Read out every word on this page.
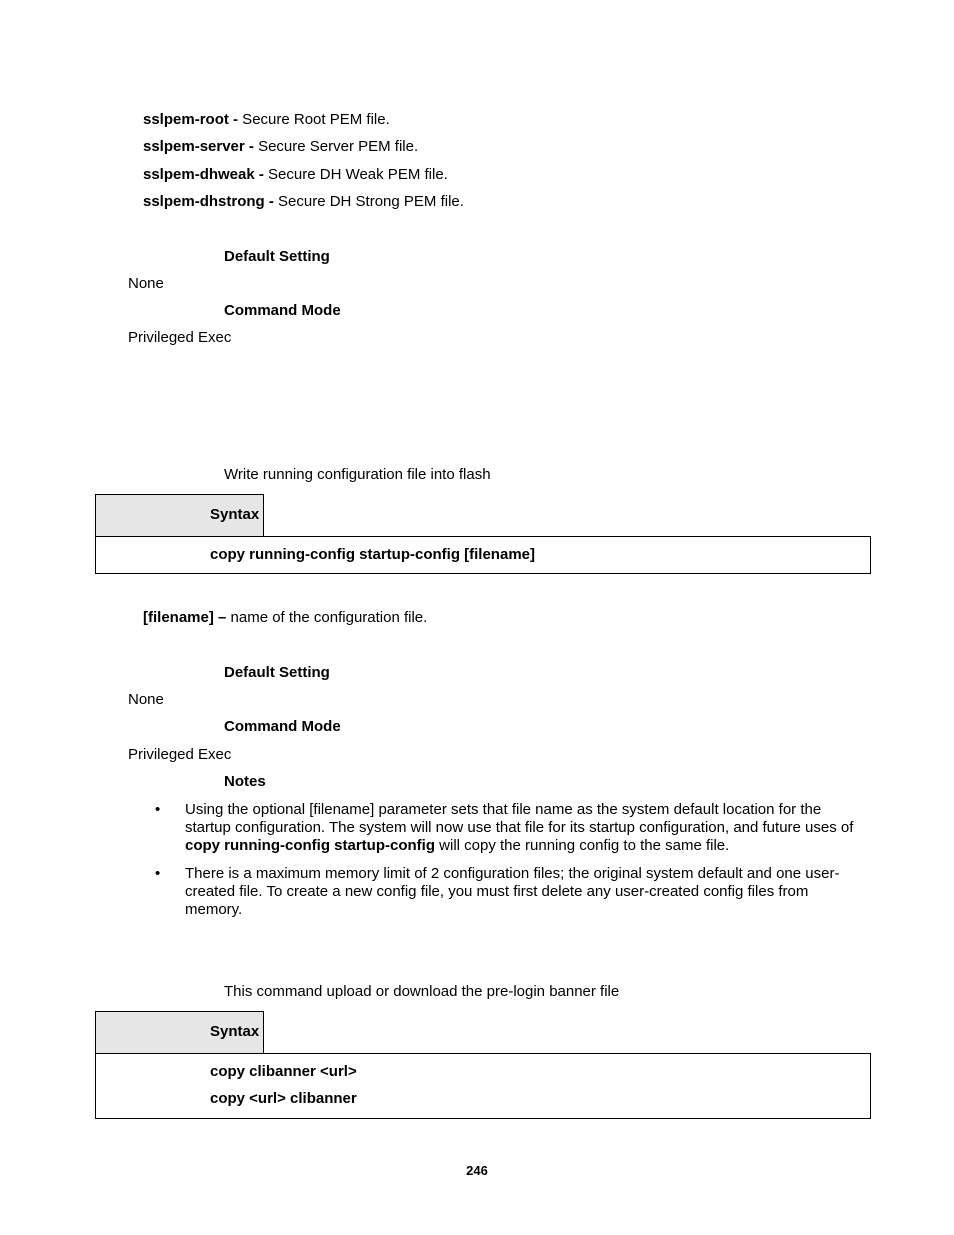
sslpem-root - Secure Root PEM file.
sslpem-server - Secure Server PEM file.
sslpem-dhweak - Secure DH Weak PEM file.
sslpem-dhstrong - Secure DH Strong PEM file.
Default Setting
None
Command Mode
Privileged Exec
Write running configuration file into flash
Syntax
copy running-config startup-config [filename]
[filename] – name of the configuration file.
Default Setting
None
Command Mode
Privileged Exec
Notes
• Using the optional [filename] parameter sets that file name as the system default location for the startup configuration. The system will now use that file for its startup configuration, and future uses of copy running-config startup-config will copy the running config to the same file.
• There is a maximum memory limit of 2 configuration files; the original system default and one user-created file. To create a new config file, you must first delete any user-created config files from memory.
This command upload or download the pre-login banner file
Syntax
copy clibanner <url>
copy <url> clibanner
246
